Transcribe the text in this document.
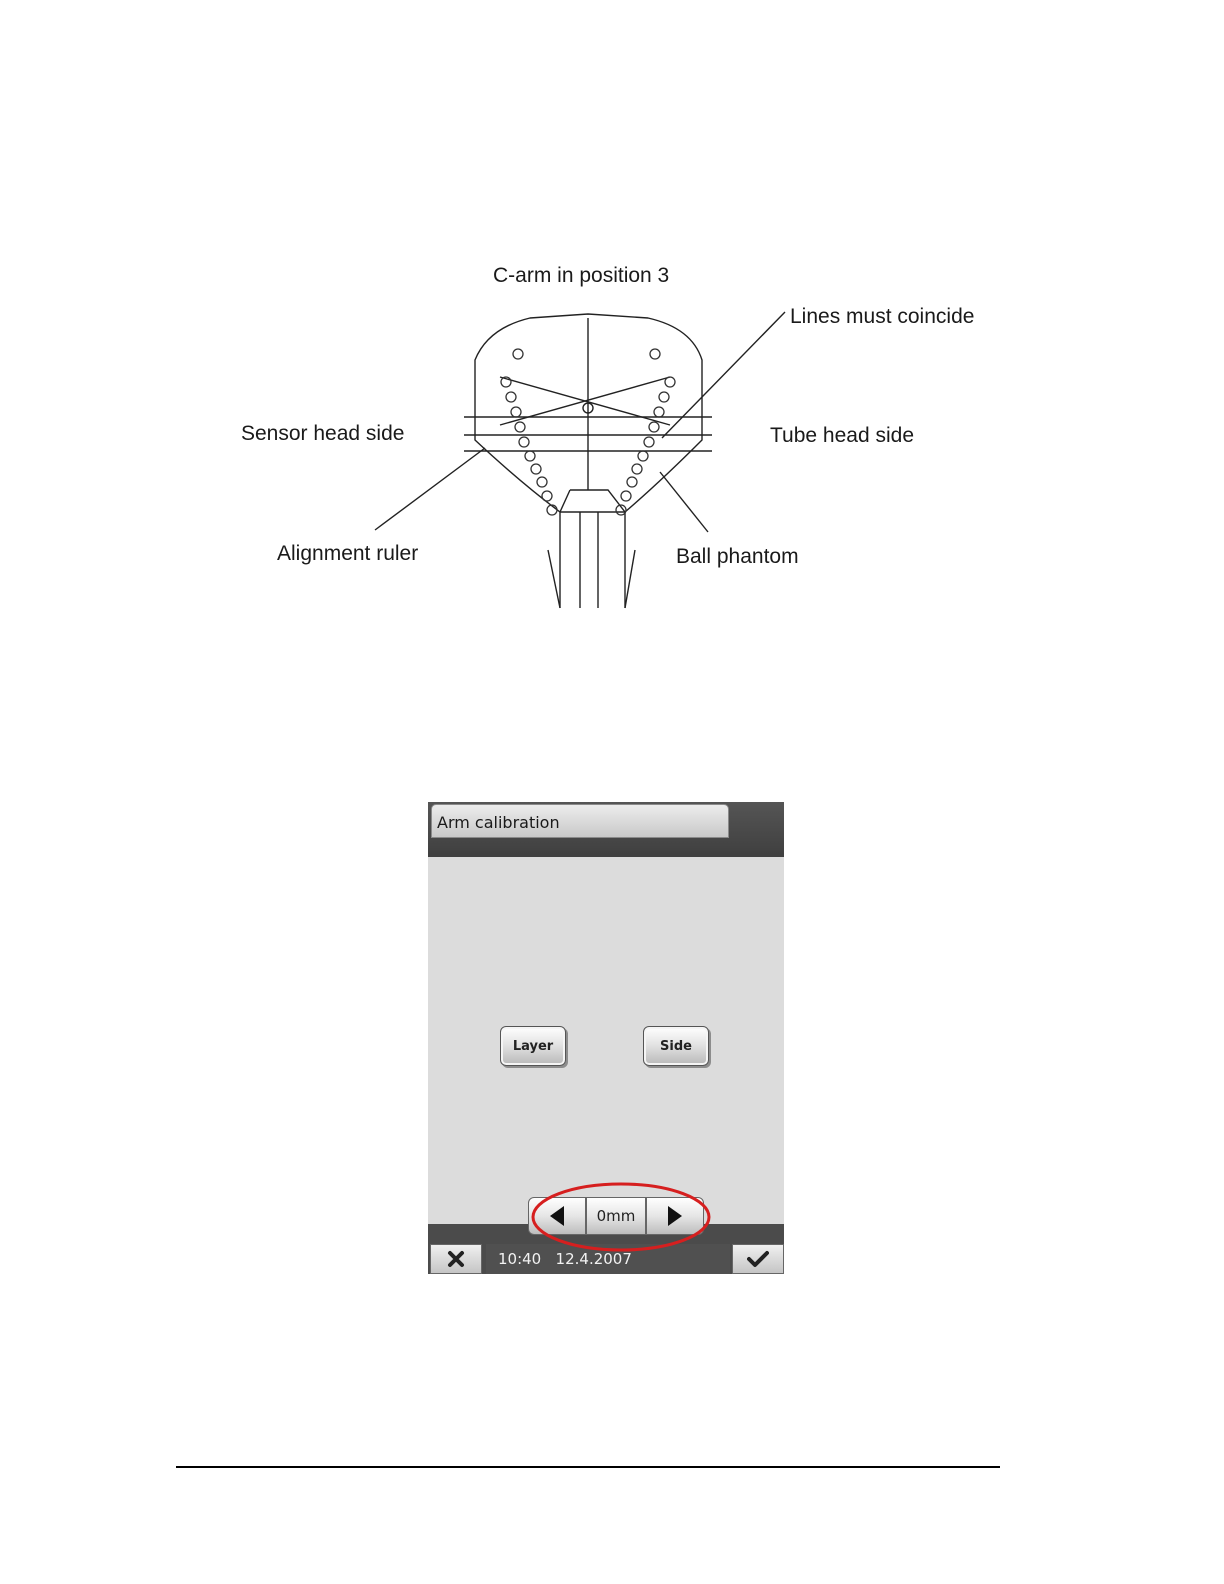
C-arm in position 3
Lines must coincide
Sensor head side	Tube head side
Alignment ruler	Ball phantom
Arm calibration
Layer	Side
0mm
10:40 12.4.2007
